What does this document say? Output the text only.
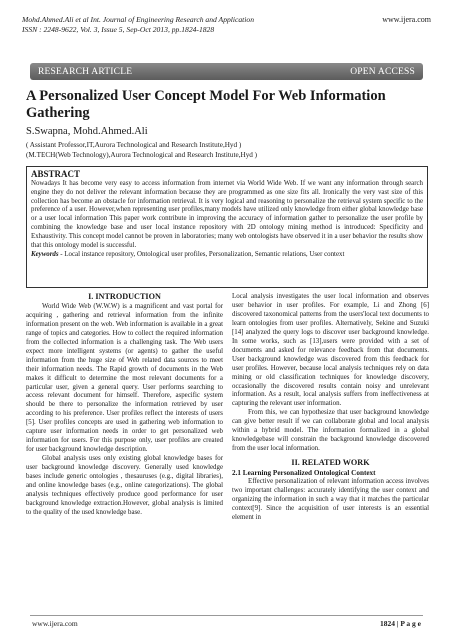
Mohd.Ahmed.Ali et al Int. Journal of Engineering Research and Application
ISSN : 2248-9622, Vol. 3, Issue 5, Sep-Oct 2013, pp.1824-1828
www.ijera.com
RESEARCH ARTICLE	OPEN ACCESS
A Personalized User Concept Model For Web Information Gathering
S.Swapna, Mohd.Ahmed.Ali
( Assistant Professor,IT,Aurora Technological and Research Institute,Hyd )
(M.TECH(Web Technology),Aurora Technological and Research Institute,Hyd )
ABSTRACT
Nowadays It has become very easy to access information from internet via World Wide Web. If we want any information through search engine they do not deliver the relevant information because they are programmed as one size fits all. Ironically the very vast size of this collection has become an obstacle for information retrieval. It is very logical and reasoning to personalize the retrieval system specific to the preference of a user. However,when representing user profiles,many models have utilized only knowledge from either global knowledge base or a user local information This paper work contribute in improving the accuracy of information gather to personalize the user profile by combining the knowledge base and user local instance repository with 2D ontology mining method is introduced: Specificity and Exhaustivity. This concept model cannot be proven in laboratories; many web ontologists have observed it in a user behavior the results show that this ontology model is successful.
Keywords - Local instance repository, Ontological user profiles, Personalization, Semantic relations, User context
I. INTRODUCTION

World Wide Web (W.W.W) is a magnificent and vast portal for acquiring , gathering and retrieval information from the infinite information present on the web. Web information is available in a great range of topics and categories. How to collect the required information from the collected information is a challenging task. The Web users expect more intelligent systems (or agents) to gather the useful information from the huge size of Web related data sources to meet their information needs. The Rapid growth of documents in the Web makes it difficult to determine the most relevant documents for a particular user, given a general query. User performs searching to access relevant document for himself. Therefore, aspecific system should be there to personalize the information retrieved by user according to his preference. User profiles reflect the interests of users [5]. User profiles concepts are used in gathering web information to capture user information needs in order to get personalized web information for users. For this purpose only, user profiles are created for user background knowledge description.

Global analysis uses only existing global knowledge bases for user background knowledge discovery. Generally used knowledge bases include generic ontologies , thesauruses (e.g., digital libraries), and online knowledge bases (e.g., online categorizations). The global analysis techniques effectively produce good performance for user background knowledge extraction.However, global analysis is limited to the quality of the used knowledge base.

Local analysis investigates the user local information and observes user behavior in user profiles. For example, Li and Zhong [6] discovered taxonomical patterns from the users'local text documents to learn ontologies from user profiles. Alternatively, Sekine and Suzuki [14] analyzed the query logs to discover user background knowledge. In some works, such as [13],users were provided with a set of documents and asked for relevance feedback from that documents. User background knowledge was discovered from this feedback for user profiles. However, because local analysis techniques rely on data mining or old classification techniques for knowledge discovery, occasionally the discovered results contain noisy and unrelevant information. As a result, local analysis suffers from ineffectiveness at capturing the relevant user information.

From this, we can hypothesize that user background knowledge can give better result if we can collaborate global and local analysis within a hybrid model. The information formalized in a global knowledgebase will constrain the background knowledge discovered from the user local information.

II. RELATED WORK
2.1 Learning Personalized Ontological Context

Effective personalization of relevant information access involves two important challenges: accurately identifying the user context and organizing the information in such a way that it matches the particular context[9]. Since the acquisition of user interests is an essential element in

www.ijera.com	1824 | P a g e
